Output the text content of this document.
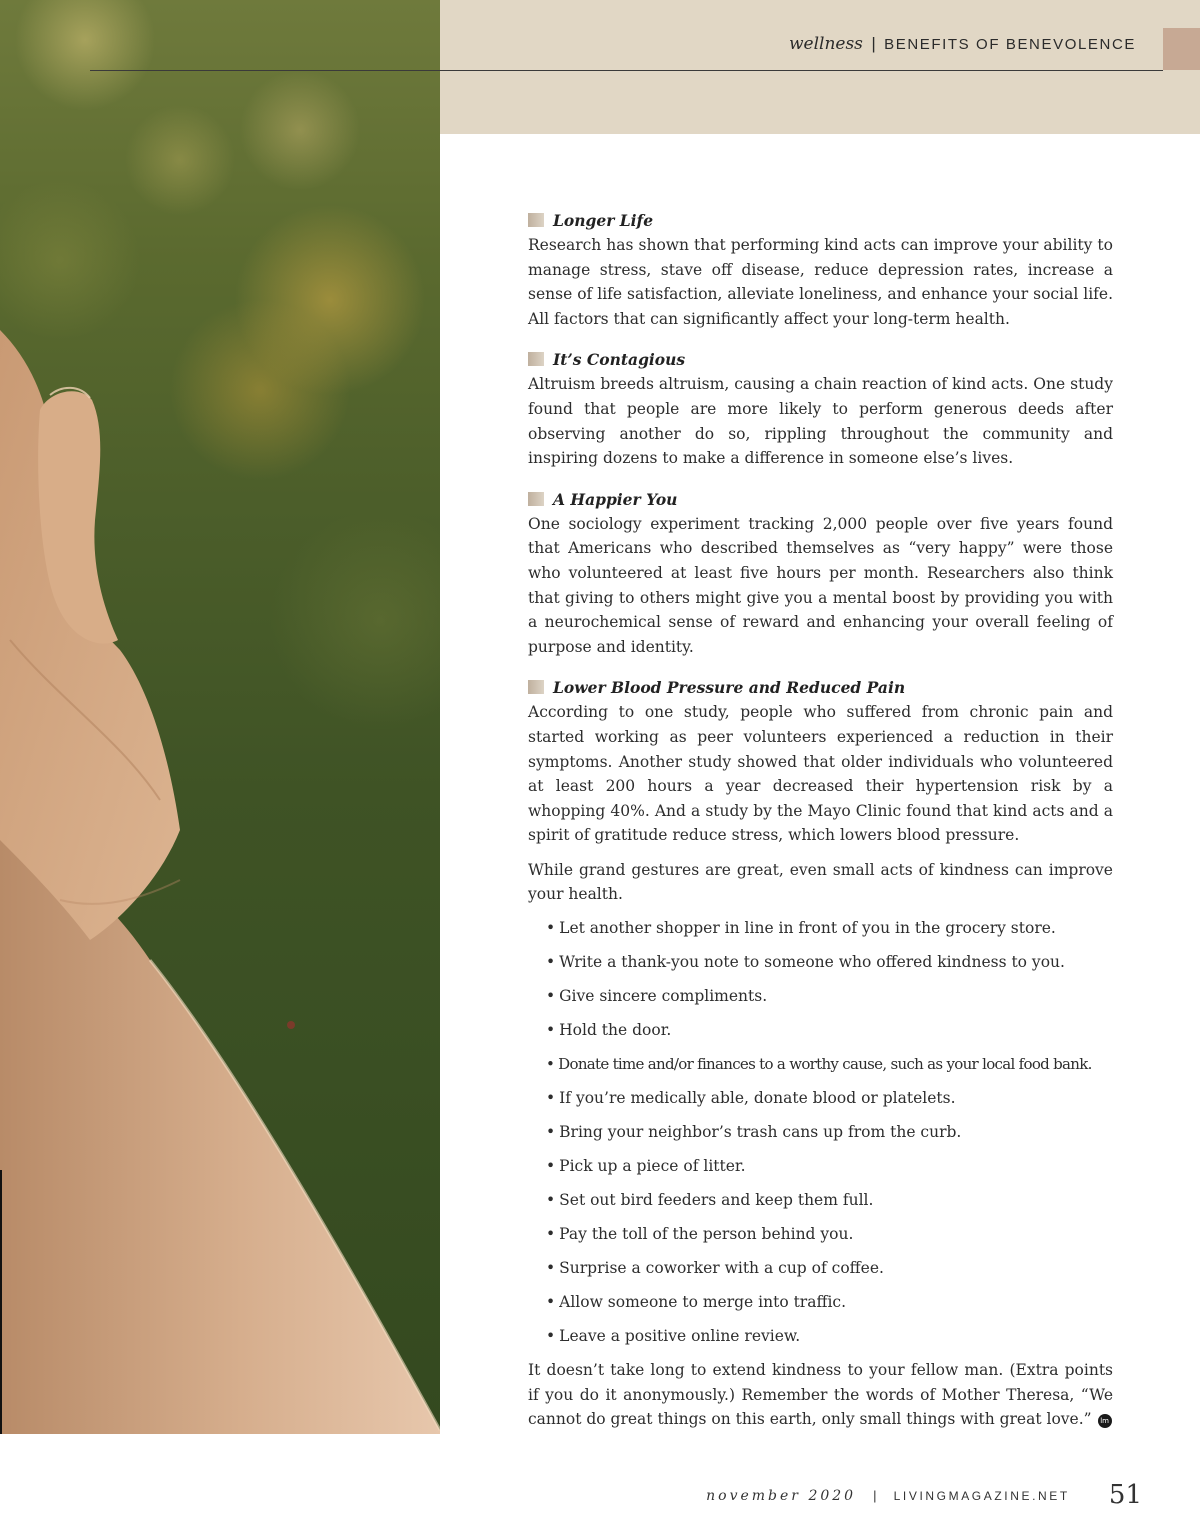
wellness | BENEFITS OF BENEVOLENCE
Longer Life

Research has shown that performing kind acts can improve your ability to manage stress, stave off disease, reduce depression rates, increase a sense of life satisfaction, alleviate loneliness, and enhance your social life. All factors that can significantly affect your long-term health.

It’s Contagious

Altruism breeds altruism, causing a chain reaction of kind acts. One study found that people are more likely to perform generous deeds after observing another do so, rippling throughout the community and inspiring dozens to make a difference in someone else’s lives.

A Happier You

One sociology experiment tracking 2,000 people over five years found that Americans who described themselves as “very happy” were those who volunteered at least five hours per month. Researchers also think that giving to others might give you a mental boost by providing you with a neurochemical sense of reward and enhancing your overall feeling of purpose and identity.

Lower Blood Pressure and Reduced Pain

According to one study, people who suffered from chronic pain and started working as peer volunteers experienced a reduction in their symptoms. Another study showed that older individuals who volunteered at least 200 hours a year decreased their hypertension risk by a whopping 40%. And a study by the Mayo Clinic found that kind acts and a spirit of gratitude reduce stress, which lowers blood pressure.

While grand gestures are great, even small acts of kindness can improve your health.

• Let another shopper in line in front of you in the grocery store.
• Write a thank-you note to someone who offered kindness to you.
• Give sincere compliments.
• Hold the door.
• Donate time and/or finances to a worthy cause, such as your local food bank.
• If you’re medically able, donate blood or platelets.
• Bring your neighbor’s trash cans up from the curb.
• Pick up a piece of litter.
• Set out bird feeders and keep them full.
• Pay the toll of the person behind you.
• Surprise a coworker with a cup of coffee.
• Allow someone to merge into traffic.
• Leave a positive online review.

It doesn’t take long to extend kindness to your fellow man. (Extra points if you do it anonymously.) Remember the words of Mother Theresa, “We cannot do great things on this earth, only small things with great love.” lm

november 2020 | LIVINGMAGAZINE.NET 51
